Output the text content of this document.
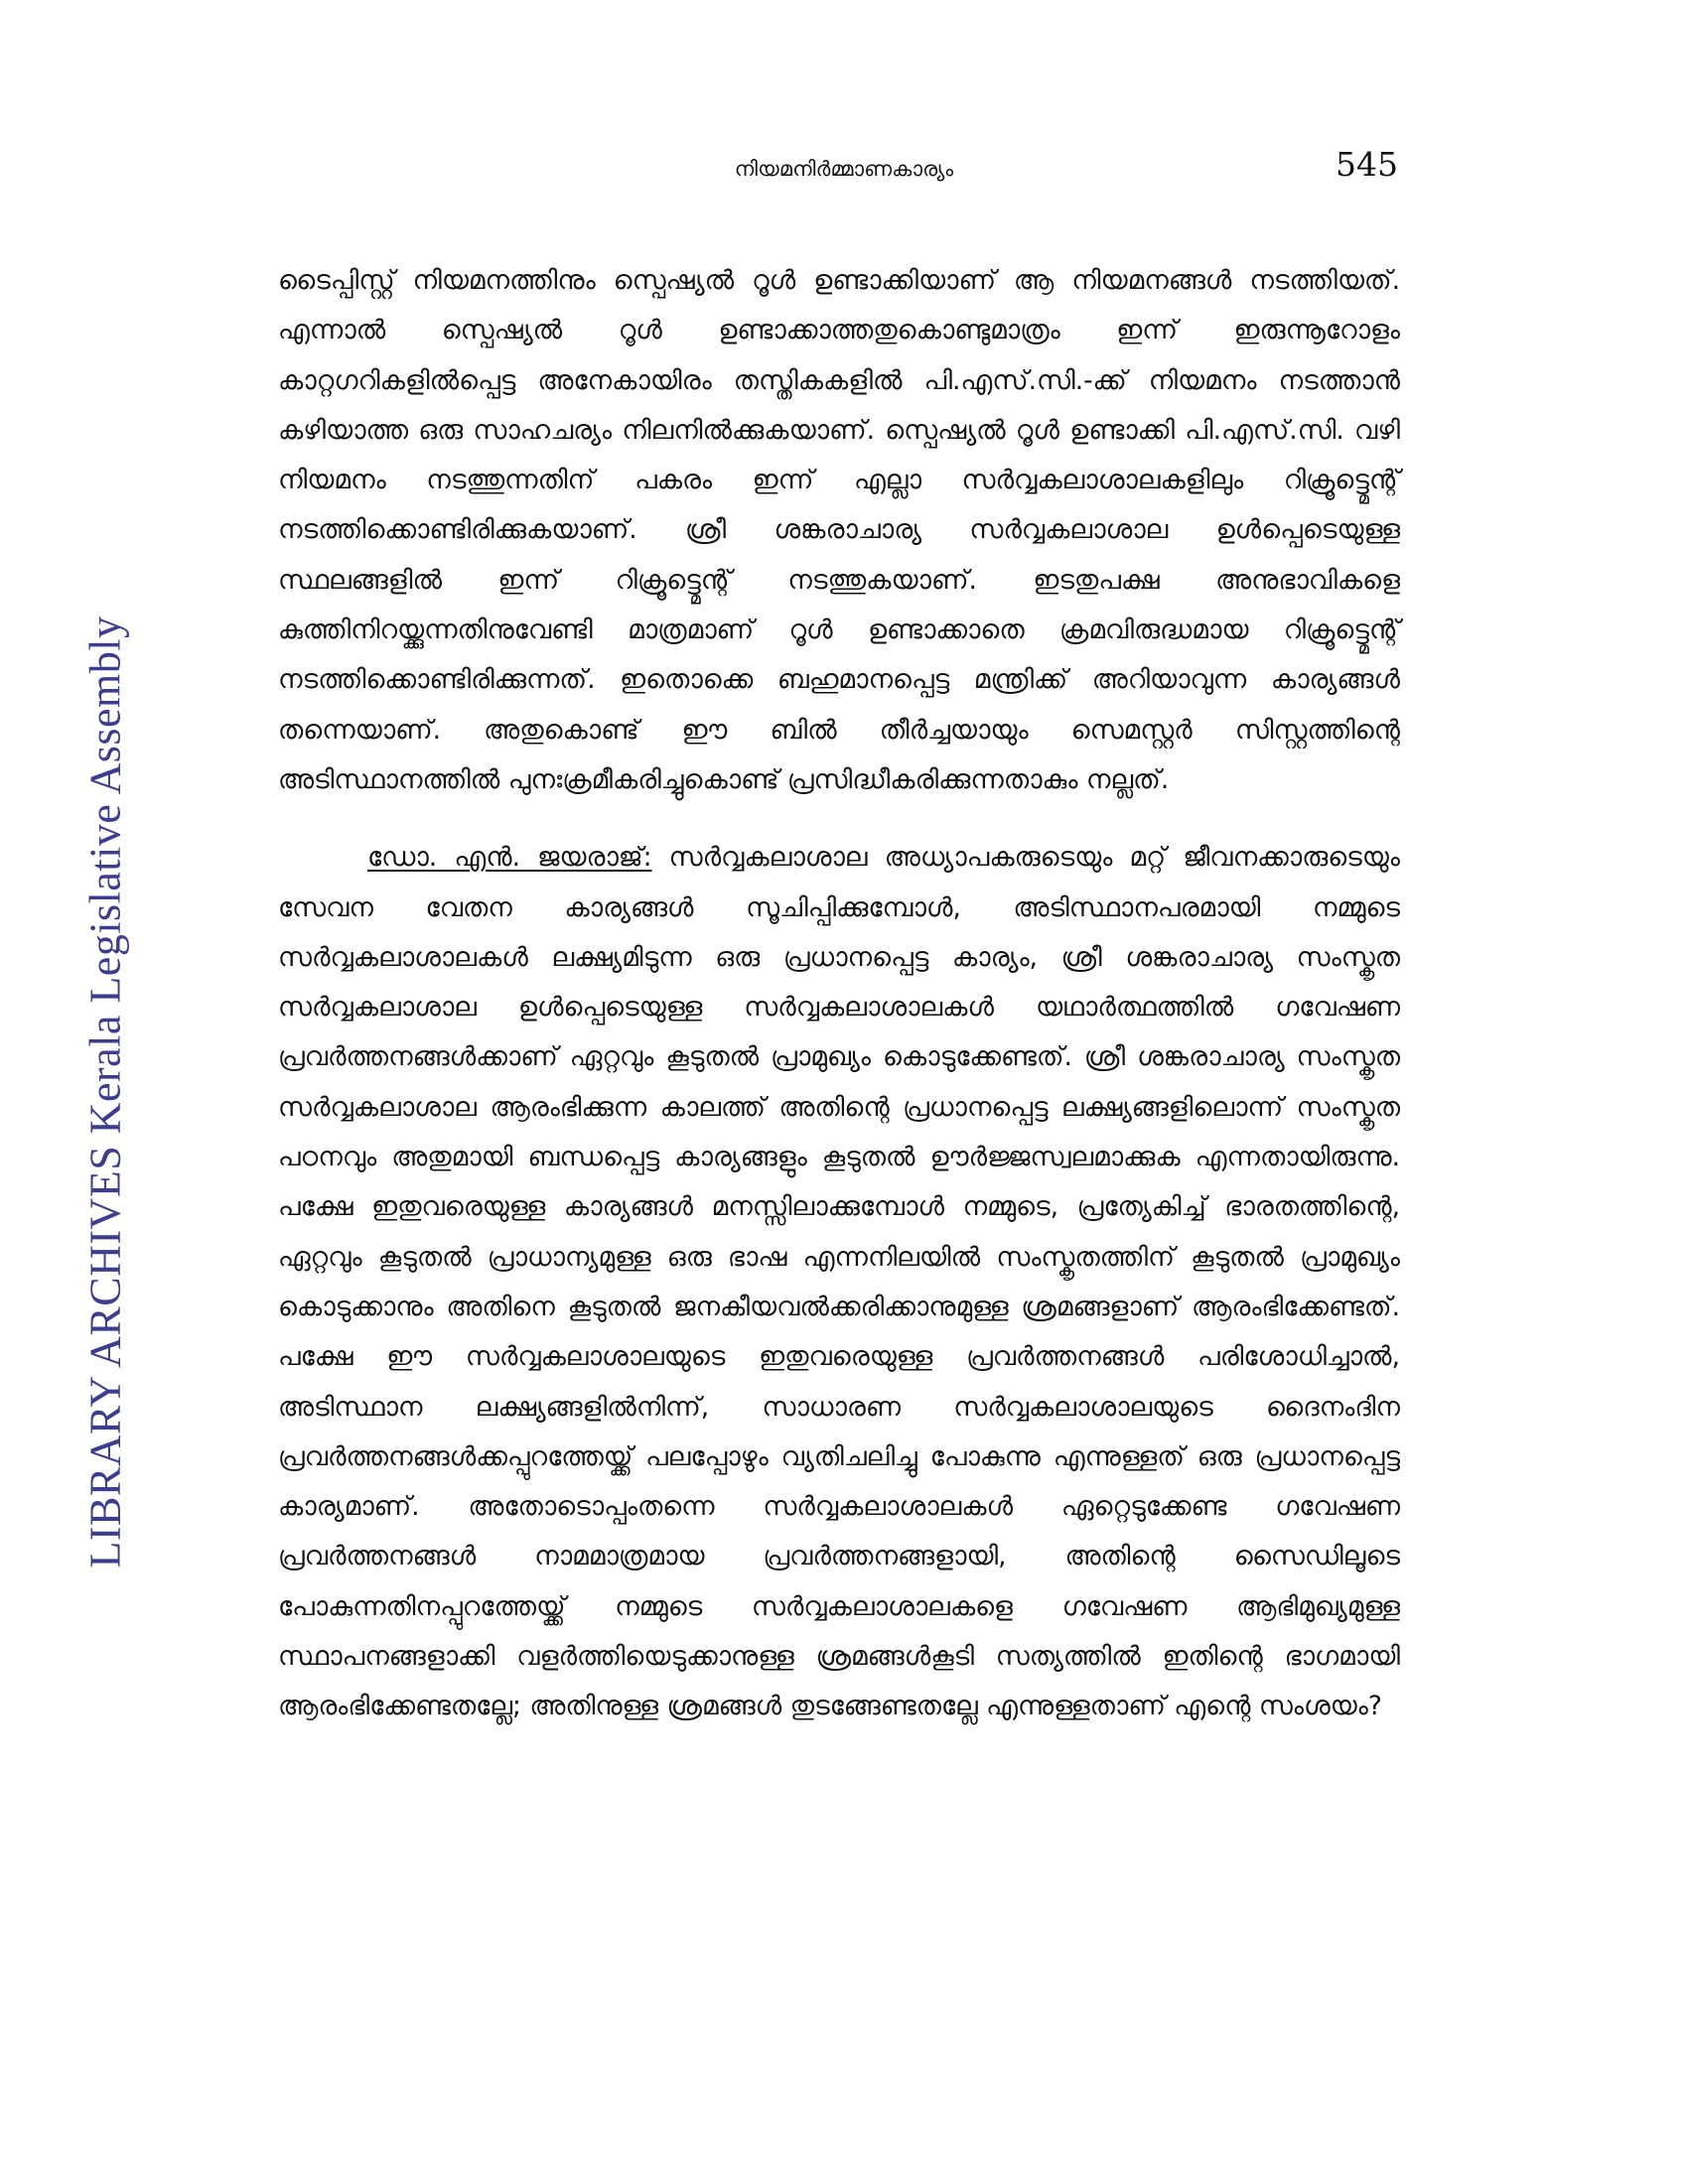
നിയമനിർമ്മാണകാര്യം	545
LIBRARY ARCHIVES Kerala Legislative Assembly

ടൈപ്പിസ്റ്റ് നിയമനത്തിനും സ്പെഷ്യൽ റൂൾ ഉണ്ടാക്കിയാണ് ആ നിയമനങ്ങൾ നടത്തിയത്. എന്നാൽ സ്പെഷ്യൽ റൂൾ ഉണ്ടാക്കാത്തതുകൊണ്ടുമാത്രം ഇന്ന് ഇരുന്നൂറോളം കാറ്റഗറികളിൽപ്പെട്ട അനേകായിരം തസ്തികകളിൽ പി.എസ്.സി.-ക്ക് നിയമനം നടത്താൻ കഴിയാത്ത ഒരു സാഹചര്യം നിലനിൽക്കുകയാണ്. സ്പെഷ്യൽ റൂൾ ഉണ്ടാക്കി പി.എസ്.സി. വഴി നിയമനം നടത്തുന്നതിന് പകരം ഇന്ന് എല്ലാ സർവ്വകലാശാലകളിലും റിക്രൂട്ട്മെന്റ് നടത്തിക്കൊണ്ടിരിക്കുകയാണ്. ശ്രീ ശങ്കരാചാര്യ സർവ്വകലാശാല ഉൾപ്പെടെയുള്ള സ്ഥലങ്ങളിൽ ഇന്ന് റിക്രൂട്ട്മെന്റ് നടത്തുകയാണ്. ഇടതുപക്ഷ അനുഭാവികളെ കുത്തിനിറയ്ക്കുന്നതിനുവേണ്ടി മാത്രമാണ് റൂൾ ഉണ്ടാക്കാതെ ക്രമവിരുദ്ധമായ റിക്രൂട്ട്മെന്റ് നടത്തിക്കൊണ്ടിരിക്കുന്നത്. ഇതൊക്കെ ബഹുമാനപ്പെട്ട മന്ത്രിക്ക് അറിയാവുന്ന കാര്യങ്ങൾ തന്നെയാണ്. അതുകൊണ്ട് ഈ ബിൽ തീർച്ചയായും സെമസ്റ്റർ സിസ്റ്റത്തിന്റെ അടിസ്ഥാനത്തിൽ പുനഃക്രമീകരിച്ചുകൊണ്ട് പ്രസിദ്ധീകരിക്കുന്നതാകും നല്ലത്.

ഡോ. എൻ. ജയരാജ്: സർവ്വകലാശാല അധ്യാപകരുടെയും മറ്റ് ജീവനക്കാരുടെയും സേവന വേതന കാര്യങ്ങൾ സൂചിപ്പിക്കുമ്പോൾ, അടിസ്ഥാനപരമായി നമ്മുടെ സർവ്വകലാശാലകൾ ലക്ഷ്യമിടുന്ന ഒരു പ്രധാനപ്പെട്ട കാര്യം, ശ്രീ ശങ്കരാചാര്യ സംസ്കൃത സർവ്വകലാശാല ഉൾപ്പെടെയുള്ള സർവ്വകലാശാലകൾ യഥാർത്ഥത്തിൽ ഗവേഷണ പ്രവർത്തനങ്ങൾക്കാണ് ഏറ്റവും കൂടുതൽ പ്രാമുഖ്യം കൊടുക്കേണ്ടത്. ശ്രീ ശങ്കരാചാര്യ സംസ്കൃത സർവ്വകലാശാല ആരംഭിക്കുന്ന കാലത്ത് അതിന്റെ പ്രധാനപ്പെട്ട ലക്ഷ്യങ്ങളിലൊന്ന് സംസ്കൃത പഠനവും അതുമായി ബന്ധപ്പെട്ട കാര്യങ്ങളും കൂടുതൽ ഊർജ്ജസ്വലമാക്കുക എന്നതായിരുന്നു. പക്ഷേ ഇതുവരെയുള്ള കാര്യങ്ങൾ മനസ്സിലാക്കുമ്പോൾ നമ്മുടെ, പ്രത്യേകിച്ച് ഭാരതത്തിന്റെ, ഏറ്റവും കൂടുതൽ പ്രാധാന്യമുള്ള ഒരു ഭാഷ എന്നനിലയിൽ സംസ്കൃതത്തിന് കൂടുതൽ പ്രാമുഖ്യം കൊടുക്കാനും അതിനെ കൂടുതൽ ജനകീയവൽക്കരിക്കാനുമുള്ള ശ്രമങ്ങളാണ് ആരംഭിക്കേണ്ടത്. പക്ഷേ ഈ സർവ്വകലാശാലയുടെ ഇതുവരെയുള്ള പ്രവർത്തനങ്ങൾ പരിശോധിച്ചാൽ, അടിസ്ഥാന ലക്ഷ്യങ്ങളിൽനിന്ന്, സാധാരണ സർവ്വകലാശാലയുടെ ദൈനംദിന പ്രവർത്തനങ്ങൾക്കപ്പുറത്തേയ്ക്ക് പലപ്പോഴും വ്യതിചലിച്ചു പോകുന്നു എന്നുള്ളത് ഒരു പ്രധാനപ്പെട്ട കാര്യമാണ്. അതോടൊപ്പംതന്നെ സർവ്വകലാശാലകൾ ഏറ്റെടുക്കേണ്ട ഗവേഷണ പ്രവർത്തനങ്ങൾ നാമമാത്രമായ പ്രവർത്തനങ്ങളായി, അതിന്റെ സൈഡിലൂടെ പോകുന്നതിനപ്പുറത്തേയ്ക്ക് നമ്മുടെ സർവ്വകലാശാലകളെ ഗവേഷണ ആഭിമുഖ്യമുള്ള സ്ഥാപനങ്ങളാക്കി വളർത്തിയെടുക്കാനുള്ള ശ്രമങ്ങൾകൂടി സത്യത്തിൽ ഇതിന്റെ ഭാഗമായി ആരംഭിക്കേണ്ടതല്ലേ; അതിനുള്ള ശ്രമങ്ങൾ തുടങ്ങേണ്ടതല്ലേ എന്നുള്ളതാണ് എന്റെ സംശയം?
